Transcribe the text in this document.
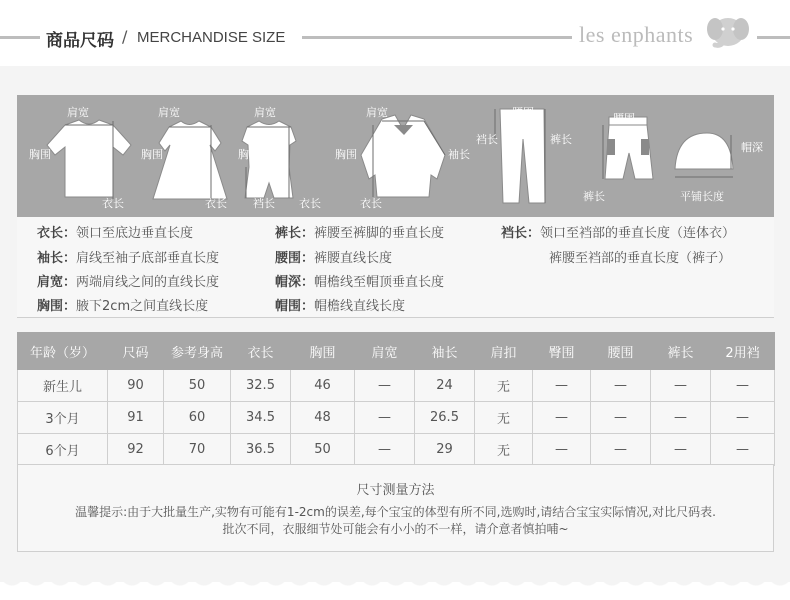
商品尺码 / MERCHANDISE SIZE	les enphants
肩宽
胸围
衣长
肩宽
胸围
衣长
肩宽
胸围
裆长 衣长
肩宽
胸围	袖长
衣长
腰围
裆长	裤长
腰围
裤长
帽深
平铺长度
衣长：领口至底边垂直长度
袖长：肩线至袖子底部垂直长度
肩宽：两端肩线之间的直线长度
胸围：腋下2cm之间直线长度
裤长：裤腰至裤脚的垂直长度
腰围：裤腰直线长度
帽深：帽檐线至帽顶垂直长度
帽围：帽檐线直线长度
裆长：领口至裆部的垂直长度（连体衣）
裤腰至裆部的垂直长度（裤子）
年龄（岁）	尺码	参考身高	衣长	胸围	肩宽	袖长	肩扣	臀围	腰围	裤长	2用裆
新生儿	90	50	32.5	46	—	24	无	—	—	—	—
3个月	91	60	34.5	48	—	26.5	无	—	—	—	—
6个月	92	70	36.5	50	—	29	无	—	—	—	—
尺寸测量方法
温馨提示:由于大批量生产,实物有可能有1-2cm的误差,每个宝宝的体型有所不同,选购时,请结合宝宝实际情况,对比尺码表.
批次不同，衣服细节处可能会有小小的不一样，请介意者慎拍哺~
